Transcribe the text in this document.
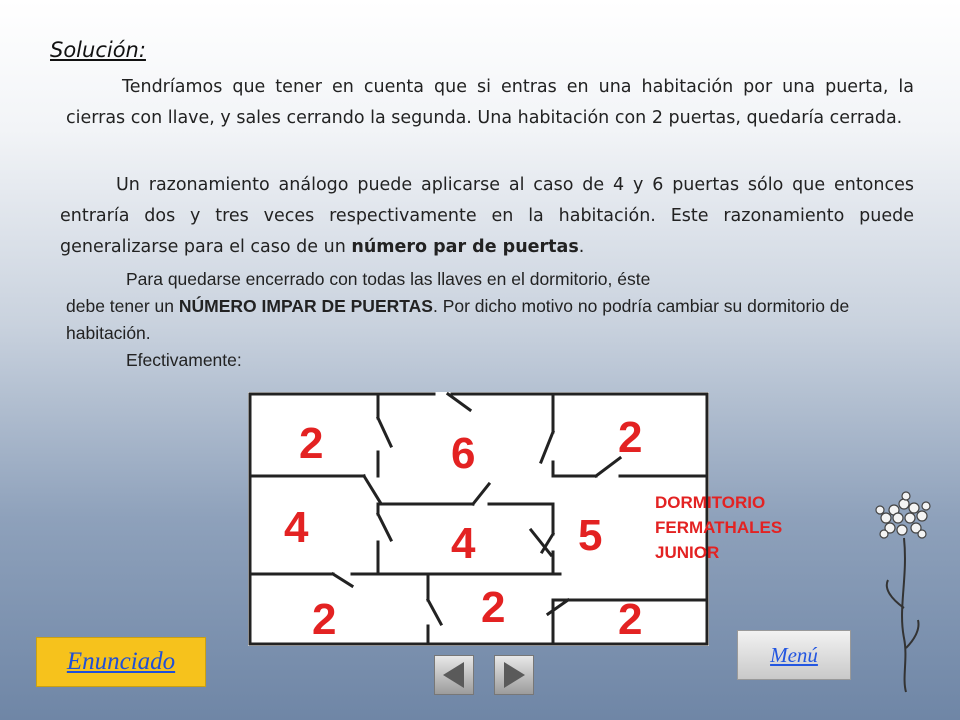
Solución:
Tendríamos que tener en cuenta que si entras en una habitación por una puerta, la cierras con llave, y sales cerrando la segunda. Una habitación con 2 puertas, quedaría cerrada.
Un razonamiento análogo puede aplicarse al caso de 4 y 6 puertas sólo que entonces entraría dos y tres veces respectivamente en la habitación. Este razonamiento puede generalizarse para el caso de un número par de puertas.
Para quedarse encerrado con todas las llaves en el dormitorio, éste
debe tener un NÚMERO IMPAR DE PUERTAS. Por dicho motivo no podría cambiar su dormitorio de habitación.
Efectivamente:
2	6	2
4	4 5
2	2	2
DORMITORIO
FERMATHALES
JUNIOR
Enunciado	Menú
